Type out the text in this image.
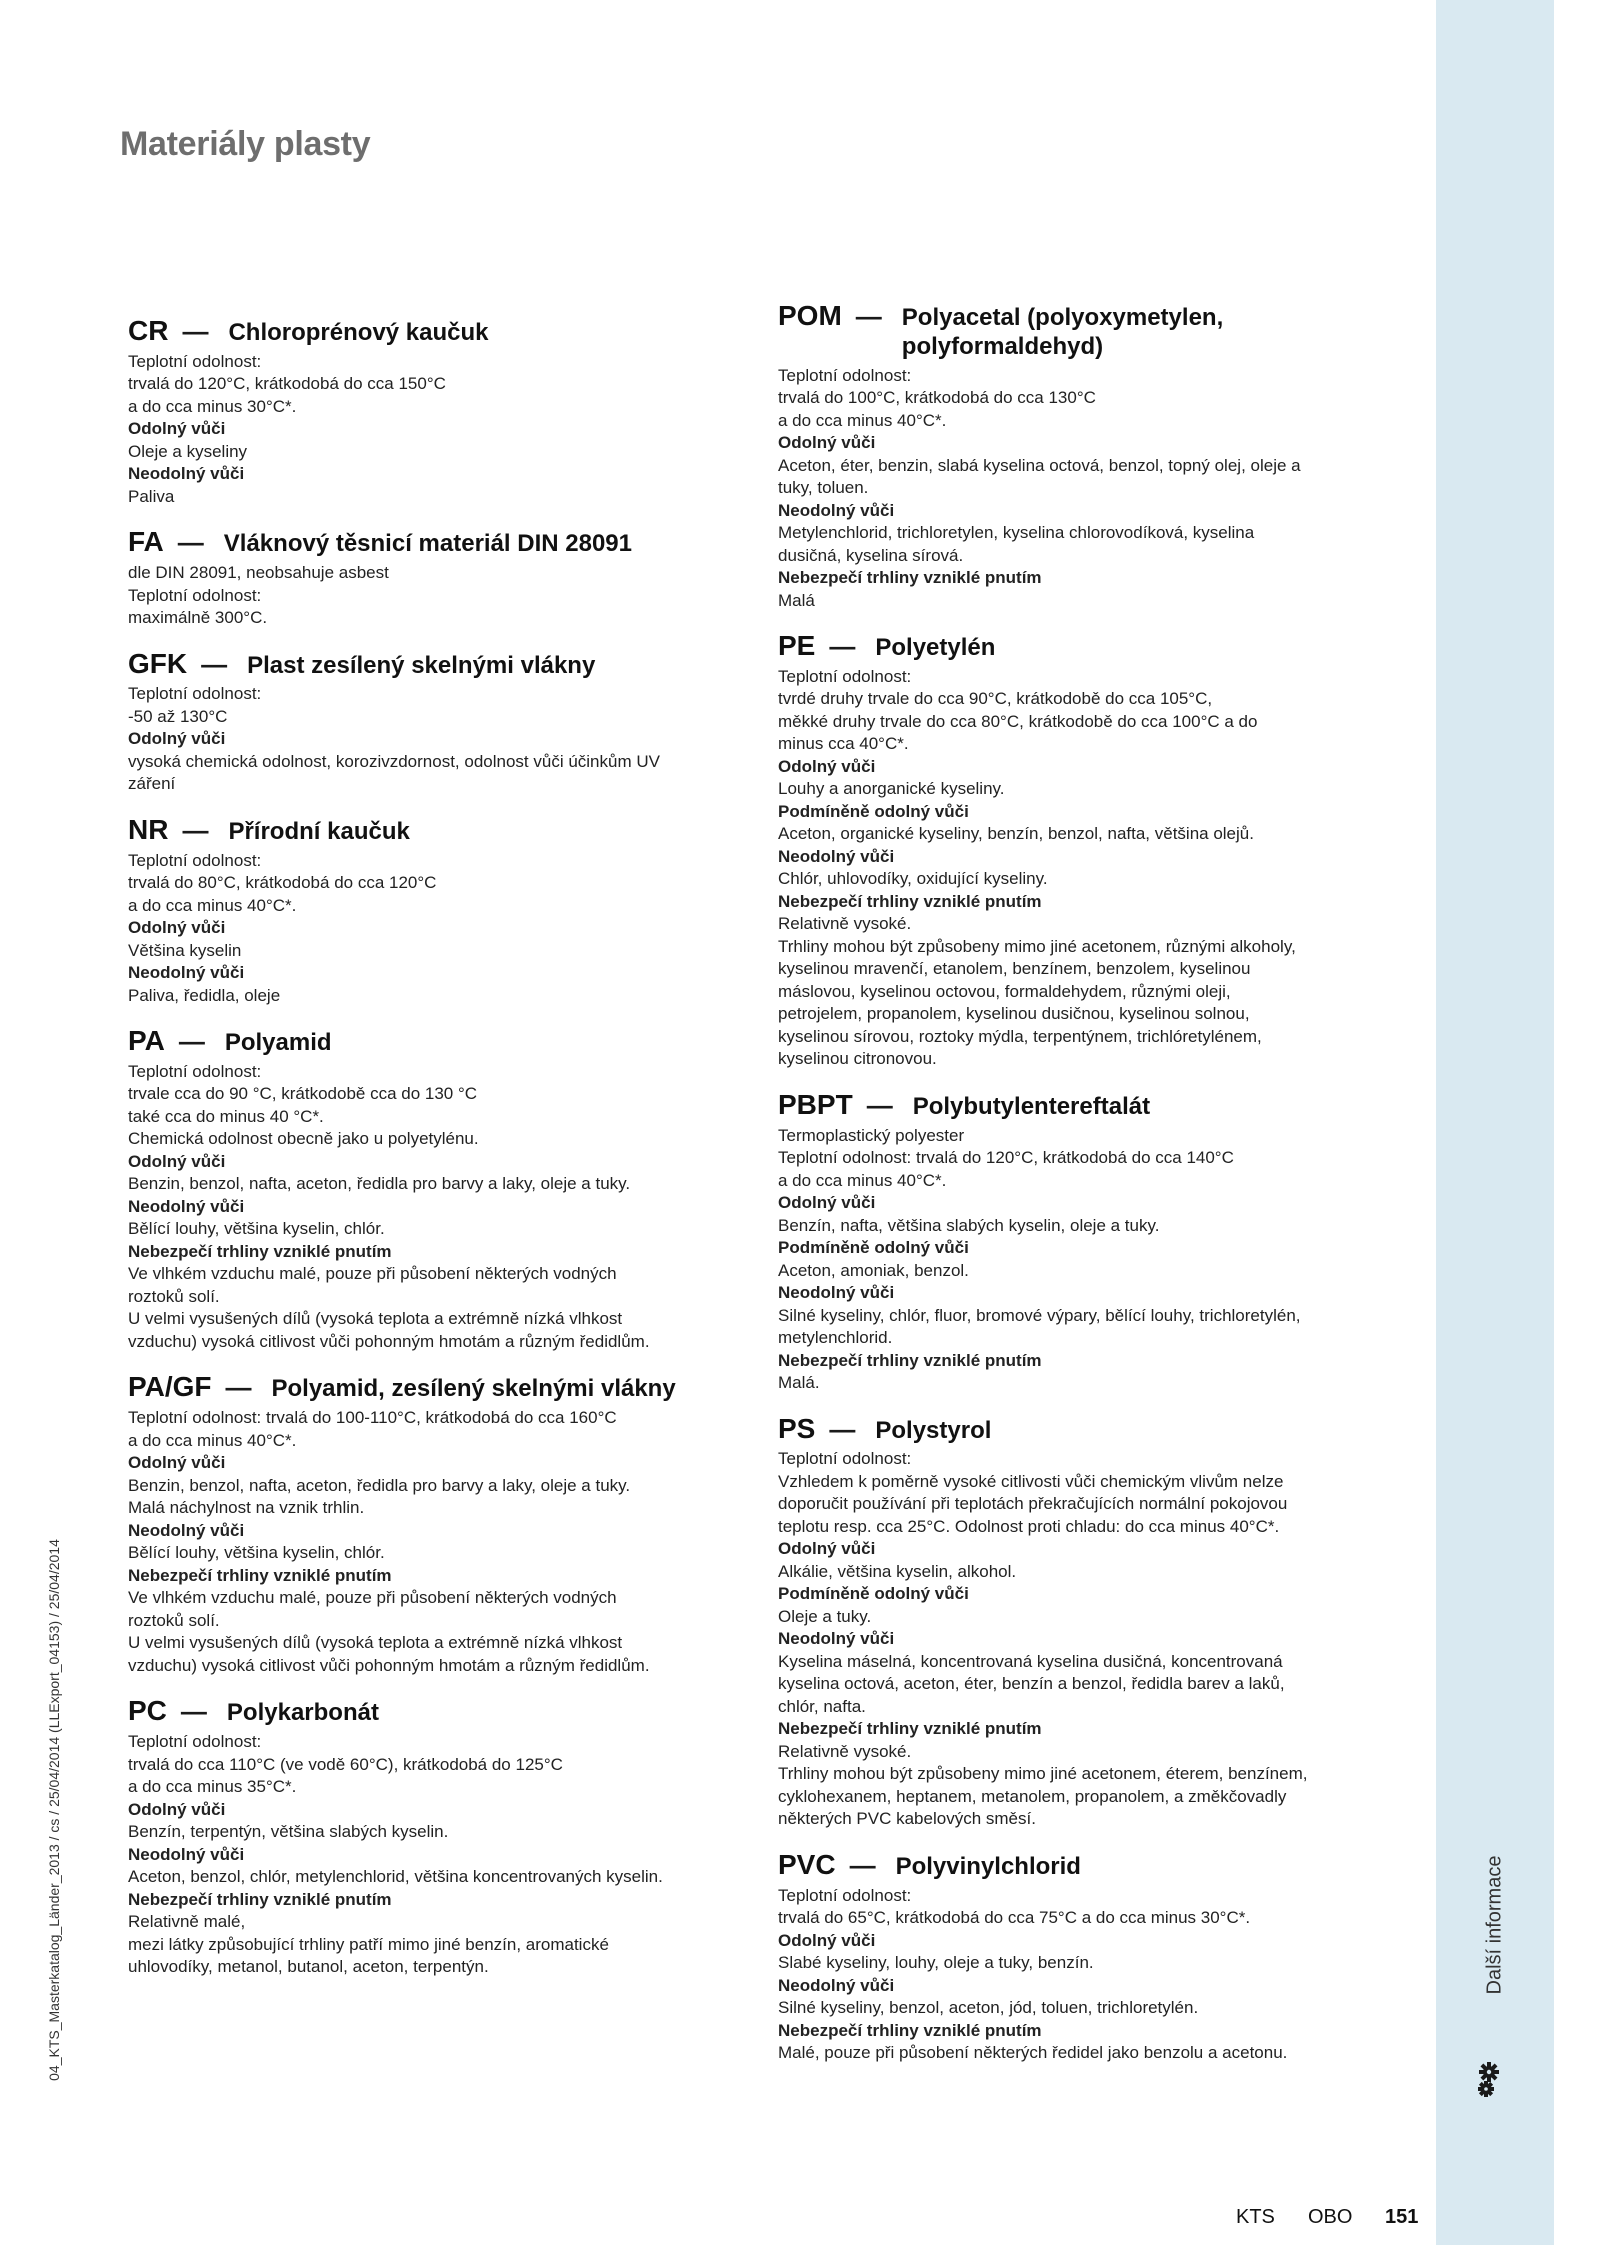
Materiály plasty
Další informace
04_KTS_Masterkatalog_Länder_2013 / cs / 25/04/2014 (LLExport_04153) / 25/04/2014
CR — Chloroprénový kaučuk
Teplotní odolnost:
trvalá do 120°C, krátkodobá do cca 150°C
a do cca minus 30°C*.
Odolný vůči
Oleje a kyseliny
Neodolný vůči
Paliva
FA — Vláknový těsnicí materiál DIN 28091
dle DIN 28091, neobsahuje asbest
Teplotní odolnost:
maximálně 300°C.
GFK — Plast zesílený skelnými vlákny
Teplotní odolnost:
-50 až 130°C
Odolný vůči
vysoká chemická odolnost, korozivzdornost, odolnost vůči účinkům UV
záření
NR — Přírodní kaučuk
Teplotní odolnost:
trvalá do 80°C, krátkodobá do cca 120°C
a do cca minus 40°C*.
Odolný vůči
Většina kyselin
Neodolný vůči
Paliva, ředidla, oleje
PA — Polyamid
Teplotní odolnost:
trvale cca do 90 °C, krátkodobě cca do 130 °C
také cca do minus 40 °C*.
Chemická odolnost obecně jako u polyetylénu.
Odolný vůči
Benzin, benzol, nafta, aceton, ředidla pro barvy a laky, oleje a tuky.
Neodolný vůči
Bělící louhy, většina kyselin, chlór.
Nebezpečí trhliny vzniklé pnutím
Ve vlhkém vzduchu malé, pouze při působení některých vodných
roztoků solí.
U velmi vysušených dílů (vysoká teplota a extrémně nízká vlhkost
vzduchu) vysoká citlivost vůči pohonným hmotám a různým ředidlům.
PA/GF — Polyamid, zesílený skelnými vlákny
Teplotní odolnost: trvalá do 100-110°C, krátkodobá do cca 160°C
a do cca minus 40°C*.
Odolný vůči
Benzin, benzol, nafta, aceton, ředidla pro barvy a laky, oleje a tuky.
Malá náchylnost na vznik trhlin.
Neodolný vůči
Bělící louhy, většina kyselin, chlór.
Nebezpečí trhliny vzniklé pnutím
Ve vlhkém vzduchu malé, pouze při působení některých vodných
roztoků solí.
U velmi vysušených dílů (vysoká teplota a extrémně nízká vlhkost
vzduchu) vysoká citlivost vůči pohonným hmotám a různým ředidlům.
PC — Polykarbonát
Teplotní odolnost:
trvalá do cca 110°C (ve vodě 60°C), krátkodobá do 125°C
a do cca minus 35°C*.
Odolný vůči
Benzín, terpentýn, většina slabých kyselin.
Neodolný vůči
Aceton, benzol, chlór, metylenchlorid, většina koncentrovaných kyselin.
Nebezpečí trhliny vzniklé pnutím
Relativně malé,
mezi látky způsobující trhliny patří mimo jiné benzín, aromatické
uhlovodíky, metanol, butanol, aceton, terpentýn.
POM — Polyacetal (polyoxymetylen, polyformaldehyd)
Teplotní odolnost:
trvalá do 100°C, krátkodobá do cca 130°C
a do cca minus 40°C*.
Odolný vůči
Aceton, éter, benzin, slabá kyselina octová, benzol, topný olej, oleje a
tuky, toluen.
Neodolný vůči
Metylenchlorid, trichloretylen, kyselina chlorovodíková, kyselina
dusičná, kyselina sírová.
Nebezpečí trhliny vzniklé pnutím
Malá
PE — Polyetylén
Teplotní odolnost:
tvrdé druhy trvale do cca 90°C, krátkodobě do cca 105°C,
měkké druhy trvale do cca 80°C, krátkodobě do cca 100°C a do
minus cca 40°C*.
Odolný vůči
Louhy a anorganické kyseliny.
Podmíněně odolný vůči
Aceton, organické kyseliny, benzín, benzol, nafta, většina olejů.
Neodolný vůči
Chlór, uhlovodíky, oxidující kyseliny.
Nebezpečí trhliny vzniklé pnutím
Relativně vysoké.
Trhliny mohou být způsobeny mimo jiné acetonem, různými alkoholy,
kyselinou mravenčí, etanolem, benzínem, benzolem, kyselinou
máslovou, kyselinou octovou, formaldehydem, různými oleji,
petrojelem, propanolem, kyselinou dusičnou, kyselinou solnou,
kyselinou sírovou, roztoky mýdla, terpentýnem, trichlóretylénem,
kyselinou citronovou.
PBPT — Polybutylentereftalát
Termoplastický polyester
Teplotní odolnost: trvalá do 120°C, krátkodobá do cca 140°C
a do cca minus 40°C*.
Odolný vůči
Benzín, nafta, většina slabých kyselin, oleje a tuky.
Podmíněně odolný vůči
Aceton, amoniak, benzol.
Neodolný vůči
Silné kyseliny, chlór, fluor, bromové výpary, bělící louhy, trichloretylén,
metylenchlorid.
Nebezpečí trhliny vzniklé pnutím
Malá.
PS — Polystyrol
Teplotní odolnost:
Vzhledem k poměrně vysoké citlivosti vůči chemickým vlivům nelze
doporučit používání při teplotách překračujících normální pokojovou
teplotu resp. cca 25°C. Odolnost proti chladu: do cca minus 40°C*.
Odolný vůči
Alkálie, většina kyselin, alkohol.
Podmíněně odolný vůči
Oleje a tuky.
Neodolný vůči
Kyselina máselná, koncentrovaná kyselina dusičná, koncentrovaná
kyselina octová, aceton, éter, benzín a benzol, ředidla barev a laků,
chlór, nafta.
Nebezpečí trhliny vzniklé pnutím
Relativně vysoké.
Trhliny mohou být způsobeny mimo jiné acetonem, éterem, benzínem,
cyklohexanem, heptanem, metanolem, propanolem, a změkčovadly
některých PVC kabelových směsí.
PVC — Polyvinylchlorid
Teplotní odolnost:
trvalá do 65°C, krátkodobá do cca 75°C a do cca minus 30°C*.
Odolný vůči
Slabé kyseliny, louhy, oleje a tuky, benzín.
Neodolný vůči
Silné kyseliny, benzol, aceton, jód, toluen, trichloretylén.
Nebezpečí trhliny vzniklé pnutím
Malé, pouze při působení některých ředidel jako benzolu a acetonu.
KTS OBO 151
